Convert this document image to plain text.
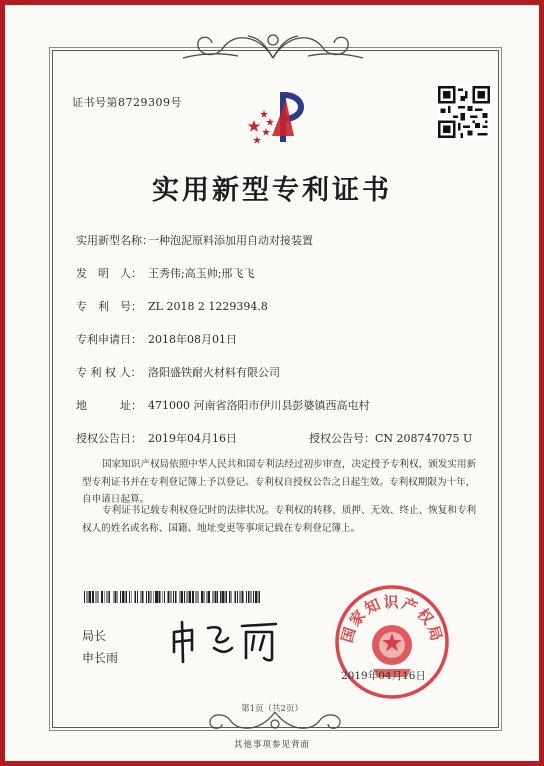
证书号第8729309号
实用新型专利证书
实用新型名称：一种泡泥原料添加用自动对接装置
发　明　人： 王秀伟;高玉帅;邢飞飞
专　利　号： ZL 2018 2 1229394.8
专利申请日： 2018年08月01日
专 利 权 人： 洛阳盛铁耐火材料有限公司
地　　　址： 471000 河南省洛阳市伊川县彭婆镇西高屯村
授权公告日： 2019年04月16日	授权公告号：CN 208747075 U
国家知识产权局依照中华人民共和国专利法经过初步审查，决定授予专利权，颁发实用新型专利证书并在专利登记簿上予以登记。专利权自授权公告之日起生效。专利权期限为十年，自申请日起算。
专利证书记载专利权登记时的法律状况。专利权的转移、质押、无效、终止、恢复和专利权人的姓名或名称、国籍、地址变更等事项记载在专利登记簿上。
局长
申长雨
国家知识产权局
2019年04月16日
第1页（共2页）
其他事项参见背面
